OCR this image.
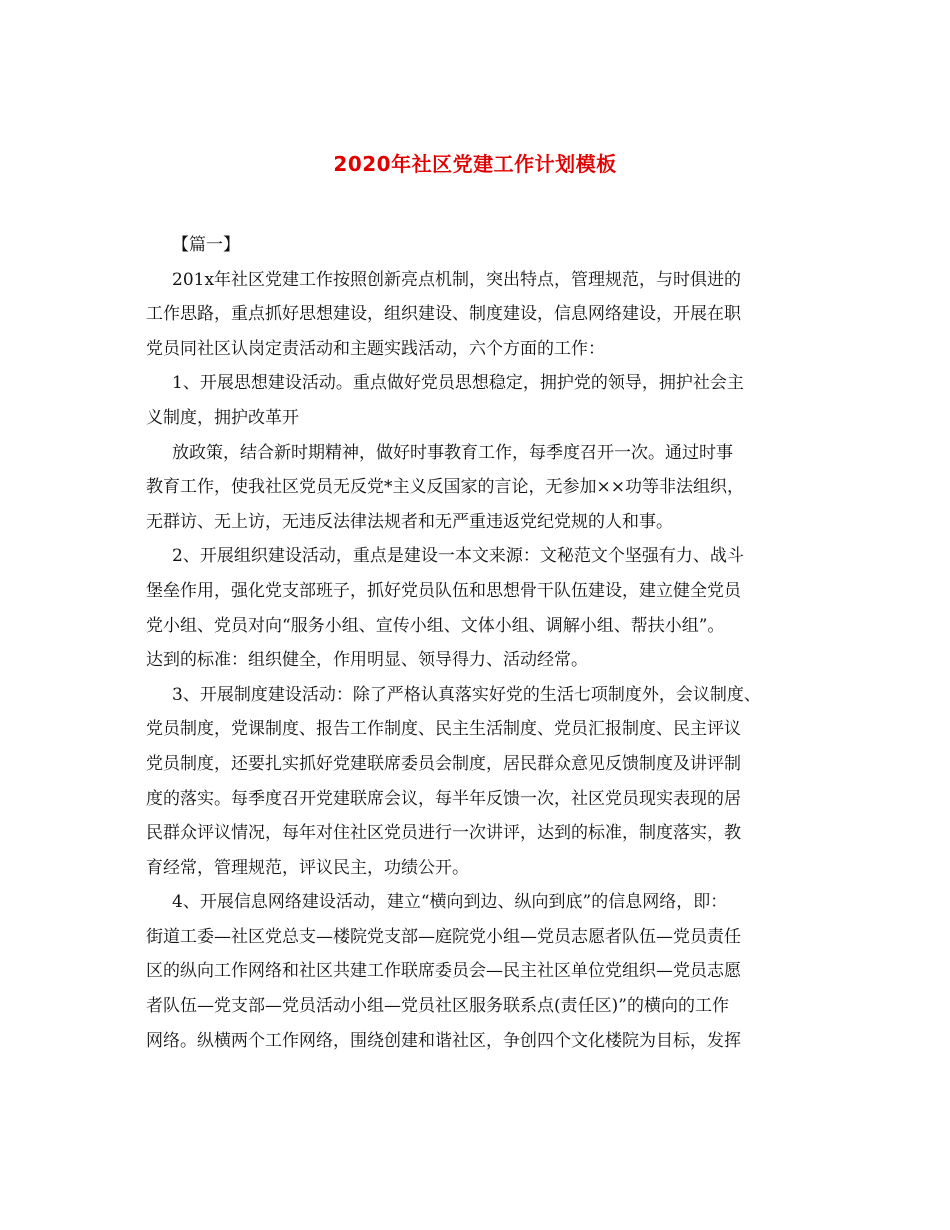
2020年社区党建工作计划模板
【篇一】
201x年社区党建工作按照创新亮点机制，突出特点，管理规范，与时俱进的
工作思路，重点抓好思想建设，组织建设、制度建设，信息网络建设，开展在职
党员同社区认岗定责活动和主题实践活动，六个方面的工作：
1、开展思想建设活动。重点做好党员思想稳定，拥护党的领导，拥护社会主
义制度，拥护改革开
放政策，结合新时期精神，做好时事教育工作，每季度召开一次。通过时事
教育工作，使我社区党员无反党*主义反国家的言论，无参加××功等非法组织，
无群访、无上访，无违反法律法规者和无严重违返党纪党规的人和事。
2、开展组织建设活动，重点是建设一本文来源：文秘范文个坚强有力、战斗
堡垒作用，强化党支部班子，抓好党员队伍和思想骨干队伍建设，建立健全党员
党小组、党员对向“服务小组、宣传小组、文体小组、调解小组、帮扶小组”。
达到的标准：组织健全，作用明显、领导得力、活动经常。
3、开展制度建设活动：除了严格认真落实好党的生活七项制度外，会议制度、
党员制度，党课制度、报告工作制度、民主生活制度、党员汇报制度、民主评议
党员制度，还要扎实抓好党建联席委员会制度，居民群众意见反馈制度及讲评制
度的落实。每季度召开党建联席会议，每半年反馈一次，社区党员现实表现的居
民群众评议情况，每年对住社区党员进行一次讲评，达到的标准，制度落实，教
育经常，管理规范，评议民主，功绩公开。
4、开展信息网络建设活动，建立“横向到边、纵向到底”的信息网络，即：
街道工委—社区党总支—楼院党支部—庭院党小组—党员志愿者队伍—党员责任
区的纵向工作网络和社区共建工作联席委员会—民主社区单位党组织—党员志愿
者队伍—党支部—党员活动小组—党员社区服务联系点(责任区)”的横向的工作
网络。纵横两个工作网络，围绕创建和谐社区，争创四个文化楼院为目标，发挥
